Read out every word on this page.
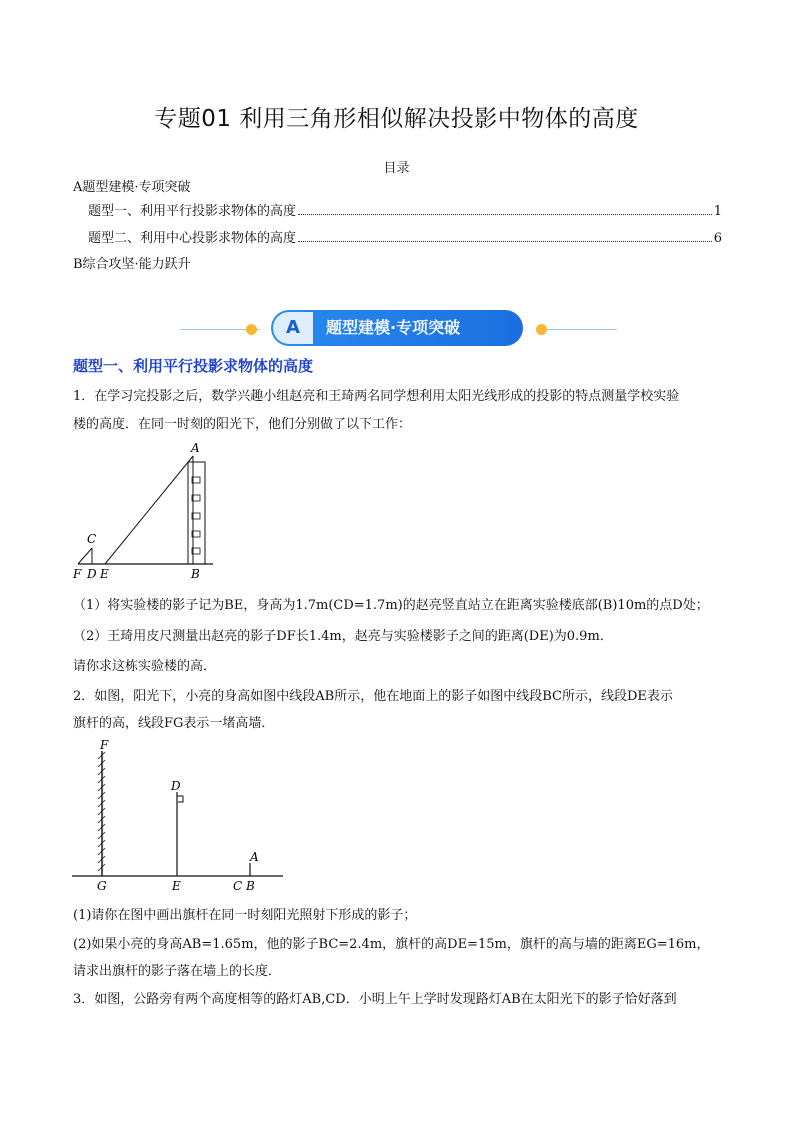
专题01 利用三角形相似解决投影中物体的高度
目录
A题型建模·专项突破
题型一、利用平行投影求物体的高度	1
题型二、利用中心投影求物体的高度	6
B综合攻坚·能力跃升
A	题型建模·专项突破
题型一、利用平行投影求物体的高度
1．在学习完投影之后，数学兴趣小组赵亮和王琦两名同学想利用太阳光线形成的投影的特点测量学校实验
楼的高度．在同一时刻的阳光下，他们分别做了以下工作：
A
C
F D E	B
（1）将实验楼的影子记为BE，身高为1.7m(CD=1.7m)的赵亮竖直站立在距离实验楼底部(B)10m的点D处；
（2）王琦用皮尺测量出赵亮的影子DF长1.4m，赵亮与实验楼影子之间的距离(DE)为0.9m．
请你求这栋实验楼的高．
2．如图，阳光下，小亮的身高如图中线段AB所示，他在地面上的影子如图中线段BC所示，线段DE表示
旗杆的高，线段FG表示一堵高墙．
F
D
A
G	E	C B
(1)请你在图中画出旗杆在同一时刻阳光照射下形成的影子；
(2)如果小亮的身高AB=1.65m，他的影子BC=2.4m，旗杆的高DE=15m，旗杆的高与墙的距离EG=16m，
请求出旗杆的影子落在墙上的长度．
3．如图，公路旁有两个高度相等的路灯AB,CD．小明上午上学时发现路灯AB在太阳光下的影子恰好落到
